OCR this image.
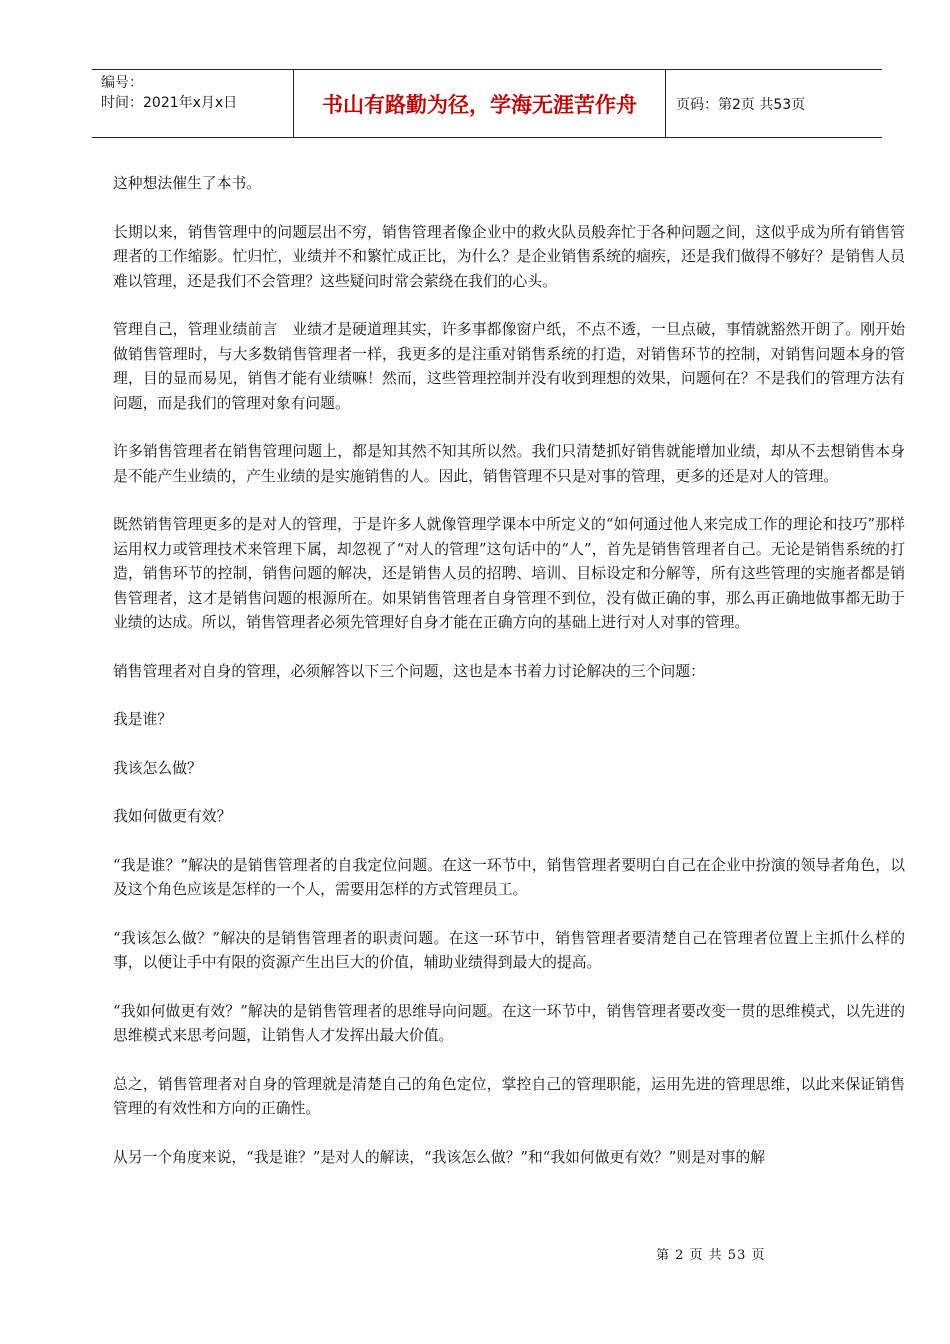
编号：
时间：2021年x月x日	书山有路勤为径，学海无涯苦作舟	页码：第2页 共53页

这种想法催生了本书。

长期以来，销售管理中的问题层出不穷，销售管理者像企业中的救火队员般奔忙于各种问题之间，这似乎成为所有销售管理者的工作缩影。忙归忙，业绩并不和繁忙成正比，为什么？是企业销售系统的痼疾，还是我们做得不够好？是销售人员难以管理，还是我们不会管理？这些疑问时常会萦绕在我们的心头。

管理自己，管理业绩前言　业绩才是硬道理其实，许多事都像窗户纸，不点不透，一旦点破，事情就豁然开朗了。刚开始做销售管理时，与大多数销售管理者一样，我更多的是注重对销售系统的打造，对销售环节的控制，对销售问题本身的管理，目的显而易见，销售才能有业绩嘛！然而，这些管理控制并没有收到理想的效果，问题何在？不是我们的管理方法有问题，而是我们的管理对象有问题。

许多销售管理者在销售管理问题上，都是知其然不知其所以然。我们只清楚抓好销售就能增加业绩，却从不去想销售本身是不能产生业绩的，产生业绩的是实施销售的人。因此，销售管理不只是对事的管理，更多的还是对人的管理。

既然销售管理更多的是对人的管理，于是许多人就像管理学课本中所定义的“如何通过他人来完成工作的理论和技巧”那样运用权力或管理技术来管理下属，却忽视了“对人的管理”这句话中的“人”，首先是销售管理者自己。无论是销售系统的打造，销售环节的控制，销售问题的解决，还是销售人员的招聘、培训、目标设定和分解等，所有这些管理的实施者都是销售管理者，这才是销售问题的根源所在。如果销售管理者自身管理不到位，没有做正确的事，那么再正确地做事都无助于业绩的达成。所以，销售管理者必须先管理好自身才能在正确方向的基础上进行对人对事的管理。

销售管理者对自身的管理，必须解答以下三个问题，这也是本书着力讨论解决的三个问题：

我是谁？

我该怎么做？

我如何做更有效？

“我是谁？”解决的是销售管理者的自我定位问题。在这一环节中，销售管理者要明白自己在企业中扮演的领导者角色，以及这个角色应该是怎样的一个人，需要用怎样的方式管理员工。

“我该怎么做？”解决的是销售管理者的职责问题。在这一环节中，销售管理者要清楚自己在管理者位置上主抓什么样的事，以便让手中有限的资源产生出巨大的价值，辅助业绩得到最大的提高。

“我如何做更有效？”解决的是销售管理者的思维导向问题。在这一环节中，销售管理者要改变一贯的思维模式，以先进的思维模式来思考问题，让销售人才发挥出最大价值。

总之，销售管理者对自身的管理就是清楚自己的角色定位，掌控自己的管理职能，运用先进的管理思维，以此来保证销售管理的有效性和方向的正确性。

从另一个角度来说，“我是谁？”是对人的解读，“我该怎么做？”和“我如何做更有效？”则是对事的解

第 2 页 共 53 页
